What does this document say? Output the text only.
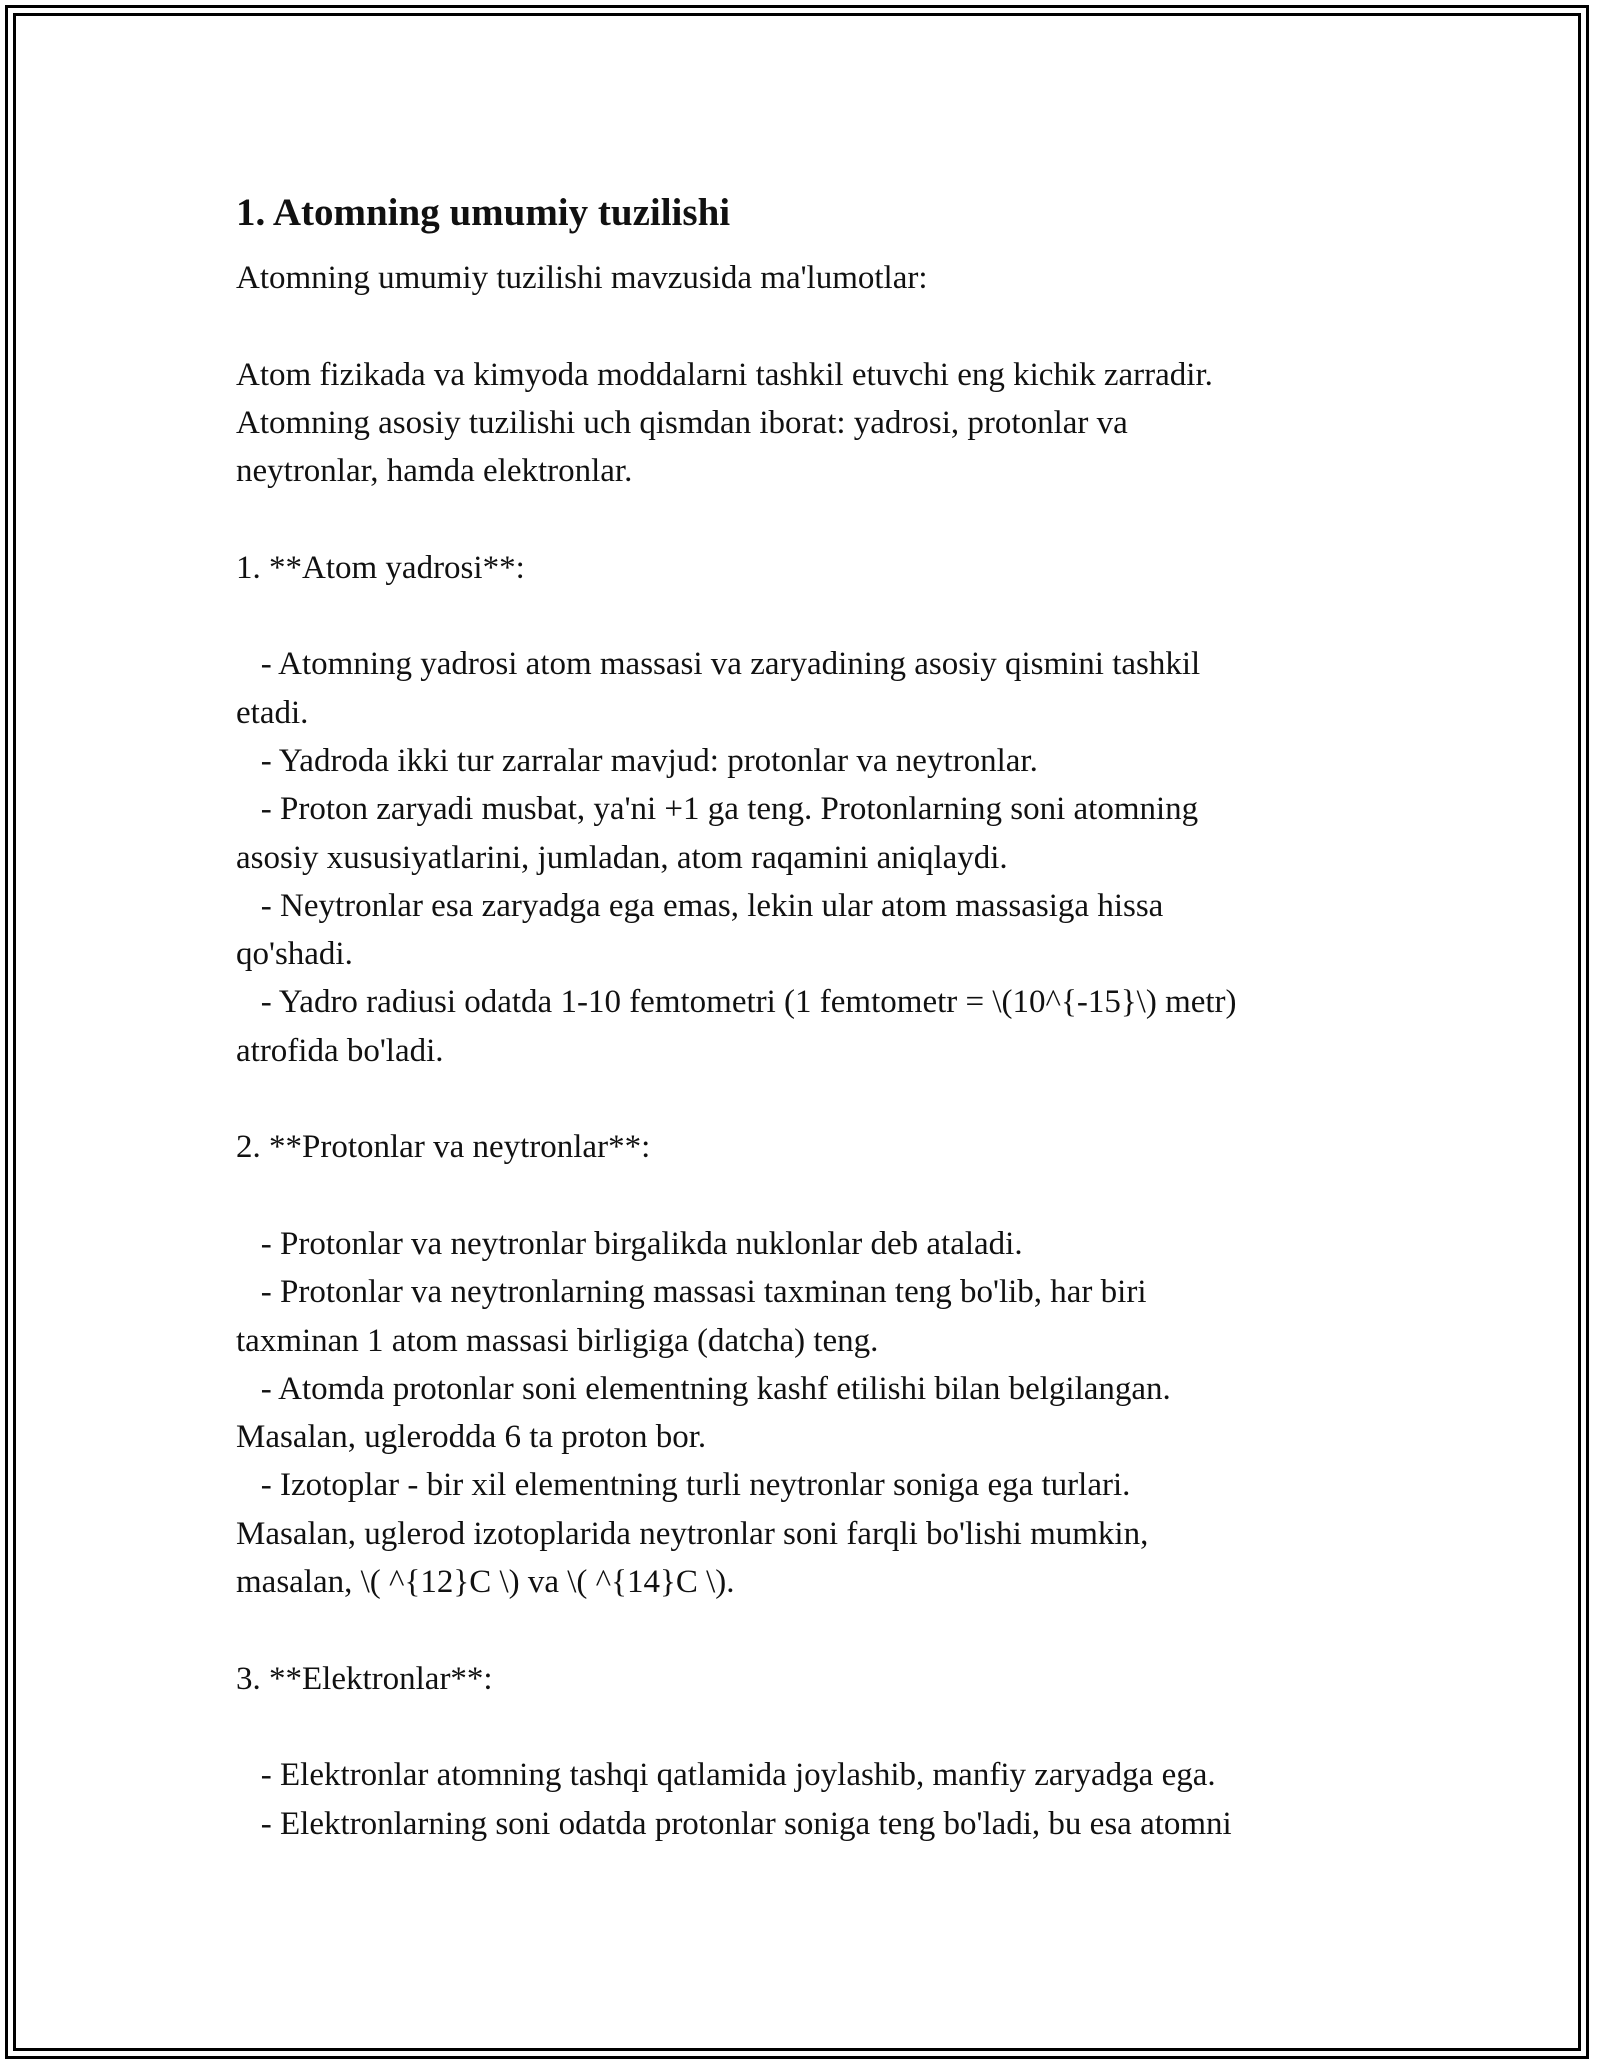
1. Atomning umumiy tuzilishi
Atomning umumiy tuzilishi mavzusida ma'lumotlar:

Atom fizikada va kimyoda moddalarni tashkil etuvchi eng kichik zarradir.
Atomning asosiy tuzilishi uch qismdan iborat: yadrosi, protonlar va
neytronlar, hamda elektronlar.

1. **Atom yadrosi**:

- Atomning yadrosi atom massasi va zaryadining asosiy qismini tashkil
etadi.
- Yadroda ikki tur zarralar mavjud: protonlar va neytronlar.
- Proton zaryadi musbat, ya'ni +1 ga teng. Protonlarning soni atomning
asosiy xususiyatlarini, jumladan, atom raqamini aniqlaydi.
- Neytronlar esa zaryadga ega emas, lekin ular atom massasiga hissa
qo'shadi.
- Yadro radiusi odatda 1-10 femtometri (1 femtometr = \(10^{-15}\) metr)
atrofida bo'ladi.

2. **Protonlar va neytronlar**:

- Protonlar va neytronlar birgalikda nuklonlar deb ataladi.
- Protonlar va neytronlarning massasi taxminan teng bo'lib, har biri
taxminan 1 atom massasi birligiga (datcha) teng.
- Atomda protonlar soni elementning kashf etilishi bilan belgilangan.
Masalan, uglerodda 6 ta proton bor.
- Izotoplar - bir xil elementning turli neytronlar soniga ega turlari.
Masalan, uglerod izotoplarida neytronlar soni farqli bo'lishi mumkin,
masalan, \( ^{12}C \) va \( ^{14}C \).

3. **Elektronlar**:

- Elektronlar atomning tashqi qatlamida joylashib, manfiy zaryadga ega.
- Elektronlarning soni odatda protonlar soniga teng bo'ladi, bu esa atomni
